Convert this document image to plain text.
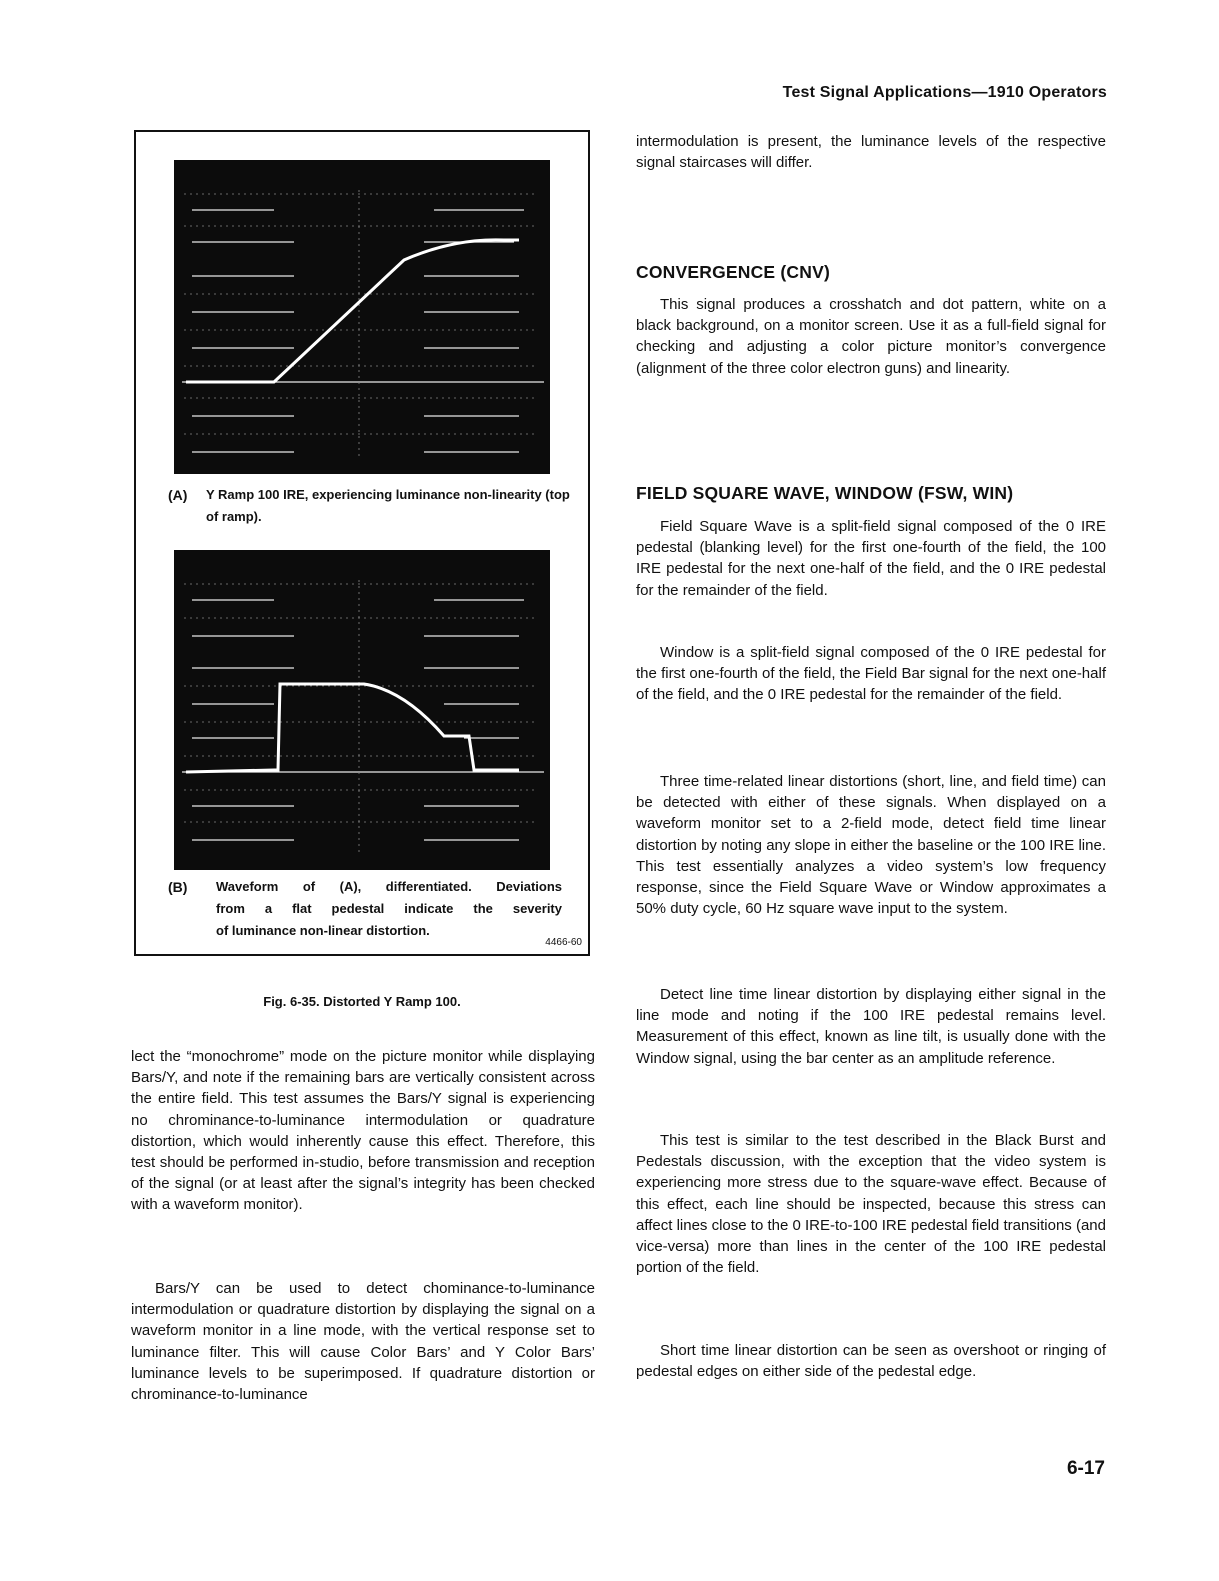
Test Signal Applications—1910 Operators
(A) Y Ramp 100 IRE, experiencing luminance non-linearity (top of ramp).
(B) Waveform of (A), differentiated. Deviations
from a flat pedestal indicate the severity
of luminance non-linear distortion.
4466-60
Fig. 6-35. Distorted Y Ramp 100.

lect the “monochrome” mode on the picture monitor while displaying Bars/Y, and note if the remaining bars are vertically consistent across the entire field. This test assumes the Bars/Y signal is experiencing no chrominance-to-luminance intermodulation or quadrature distortion, which would inherently cause this effect. Therefore, this test should be performed in-studio, before transmission and reception of the signal (or at least after the signal’s integrity has been checked with a waveform monitor).

Bars/Y can be used to detect chominance-to-luminance intermodulation or quadrature distortion by displaying the signal on a waveform monitor in a line mode, with the vertical response set to luminance filter. This will cause Color Bars’ and Y Color Bars’ luminance levels to be superimposed. If quadrature distortion or chrominance-to-luminance

intermodulation is present, the luminance levels of the respective signal staircases will differ.

CONVERGENCE (CNV)

This signal produces a crosshatch and dot pattern, white on a black background, on a monitor screen. Use it as a full-field signal for checking and adjusting a color picture monitor’s convergence (alignment of the three color electron guns) and linearity.

FIELD SQUARE WAVE, WINDOW (FSW, WIN)

Field Square Wave is a split-field signal composed of the 0 IRE pedestal (blanking level) for the first one-fourth of the field, the 100 IRE pedestal for the next one-half of the field, and the 0 IRE pedestal for the remainder of the field.

Window is a split-field signal composed of the 0 IRE pedestal for the first one-fourth of the field, the Field Bar signal for the next one-half of the field, and the 0 IRE pedestal for the remainder of the field.

Three time-related linear distortions (short, line, and field time) can be detected with either of these signals. When displayed on a waveform monitor set to a 2-field mode, detect field time linear distortion by noting any slope in either the baseline or the 100 IRE line. This test essentially analyzes a video system’s low frequency response, since the Field Square Wave or Window approximates a 50% duty cycle, 60 Hz square wave input to the system.

Detect line time linear distortion by displaying either signal in the line mode and noting if the 100 IRE pedestal remains level. Measurement of this effect, known as line tilt, is usually done with the Window signal, using the bar center as an amplitude reference.

This test is similar to the test described in the Black Burst and Pedestals discussion, with the exception that the video system is experiencing more stress due to the square-wave effect. Because of this effect, each line should be inspected, because this stress can affect lines close to the 0 IRE-to-100 IRE pedestal field transitions (and vice-versa) more than lines in the center of the 100 IRE pedestal portion of the field.

Short time linear distortion can be seen as overshoot or ringing of pedestal edges on either side of the pedestal edge.

6-17
